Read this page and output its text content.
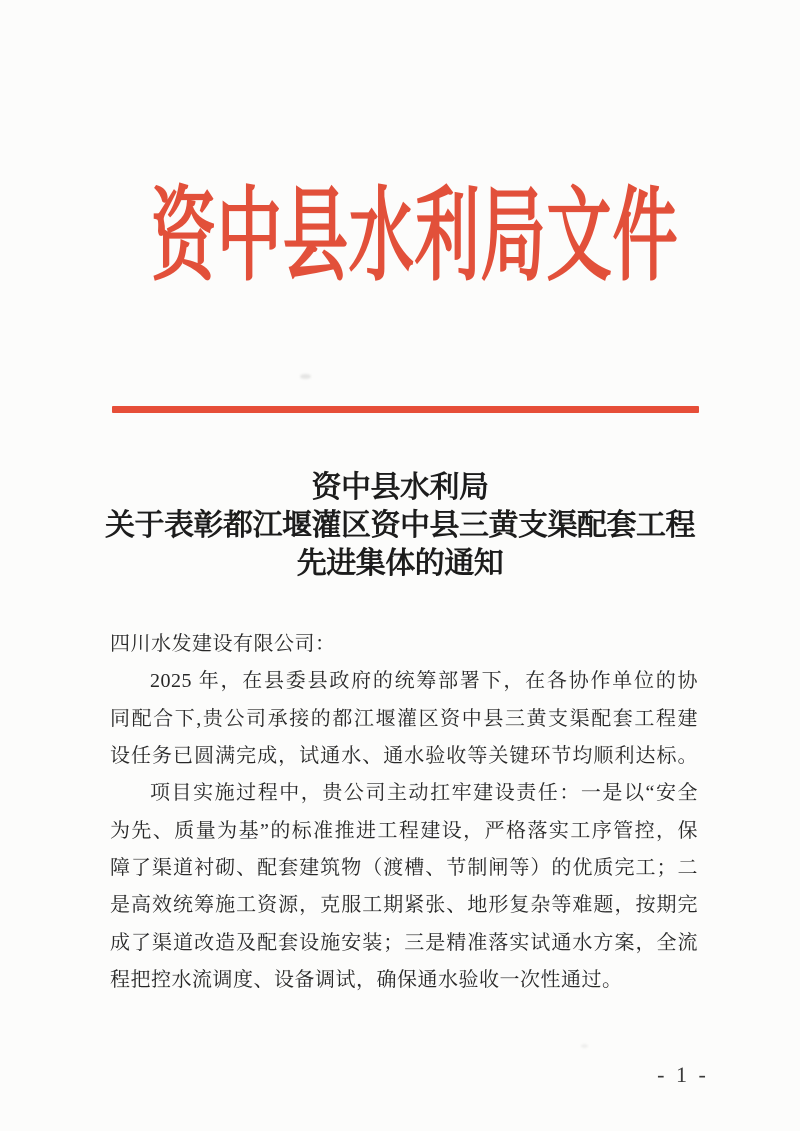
资中县水利局文件
资中县水利局
关于表彰都江堰灌区资中县三黄支渠配套工程
先进集体的通知
四川水发建设有限公司：
2025 年，在县委县政府的统筹部署下，在各协作单位的协
同配合下,贵公司承接的都江堰灌区资中县三黄支渠配套工程建
设任务已圆满完成，试通水、通水验收等关键环节均顺利达标。
项目实施过程中，贵公司主动扛牢建设责任：一是以“安全
为先、质量为基”的标准推进工程建设，严格落实工序管控，保
障了渠道衬砌、配套建筑物（渡槽、节制闸等）的优质完工；二
是高效统筹施工资源，克服工期紧张、地形复杂等难题，按期完
成了渠道改造及配套设施安装；三是精准落实试通水方案，全流
程把控水流调度、设备调试，确保通水验收一次性通过。
- 1 -
